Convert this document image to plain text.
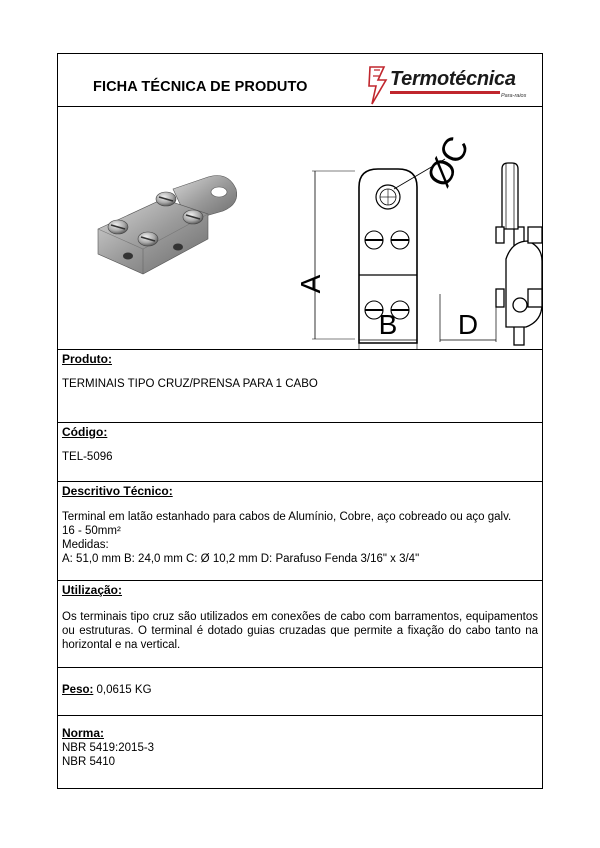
FICHA TÉCNICA DE PRODUTO	Termotécnica
Para-raios
A
ØC
B D
Produto:
TERMINAIS TIPO CRUZ/PRENSA PARA 1 CABO
Código:
TEL-5096
Descritivo Técnico:
Terminal em latão estanhado para cabos de Alumínio, Cobre, aço cobreado ou aço galv.
16 - 50mm²
Medidas:
A: 51,0 mm B: 24,0 mm C: Ø 10,2 mm D: Parafuso Fenda 3/16" x 3/4"
Utilização:
Os terminais tipo cruz são utilizados em conexões de cabo com barramentos, equipamentos ou estruturas. O terminal é dotado guias cruzadas que permite a fixação do cabo tanto na horizontal e na vertical.
Peso: 0,0615 KG
Norma:
NBR 5419:2015-3
NBR 5410
